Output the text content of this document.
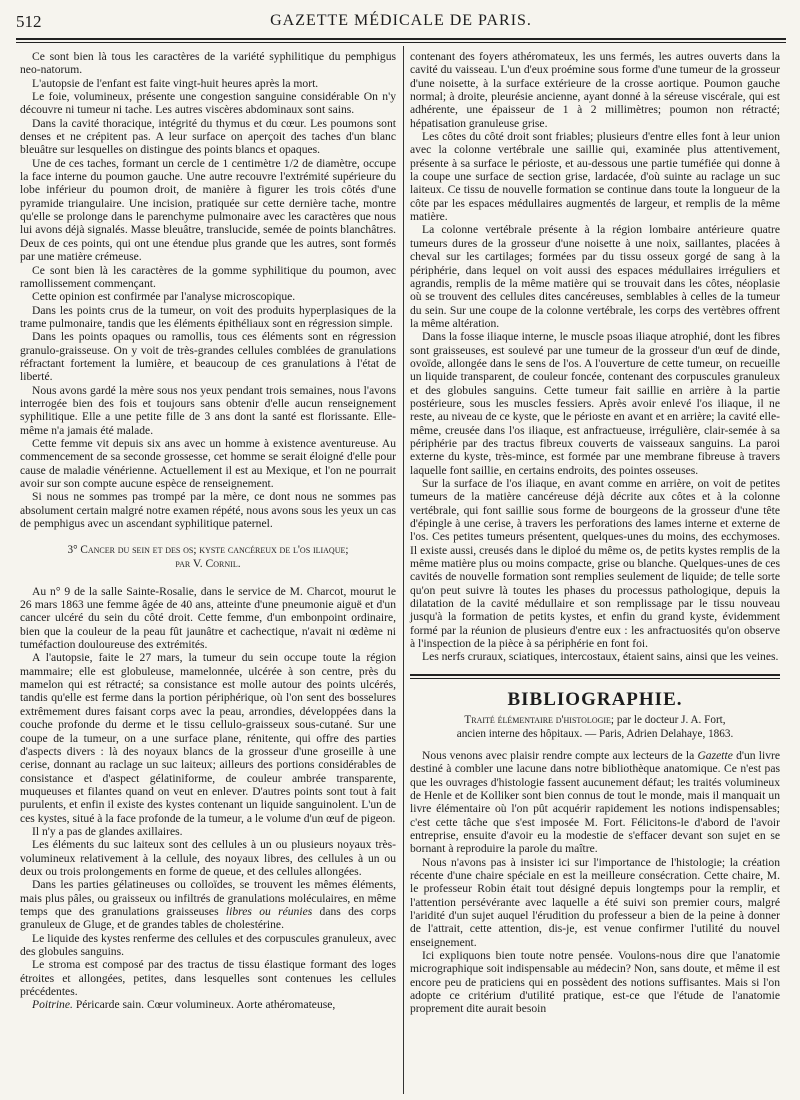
512	GAZETTE MÉDICALE DE PARIS.

Ce sont bien là tous les caractères de la variété syphilitique du pemphigus neo-natorum.

L'autopsie de l'enfant est faite vingt-huit heures après la mort.

Le foie, volumineux, présente une congestion sanguine considérable On n'y découvre ni tumeur ni tache. Les autres viscères abdominaux sont sains.

Dans la cavité thoracique, intégrité du thymus et du cœur. Les poumons sont denses et ne crépitent pas. A leur surface on aperçoit des taches d'un blanc bleuâtre sur lesquelles on distingue des points blancs et opaques.

Une de ces taches, formant un cercle de 1 centimètre 1/2 de diamètre, occupe la face interne du poumon gauche. Une autre recouvre l'extrémité supérieure du lobe inférieur du poumon droit, de manière à figurer les trois côtés d'une pyramide triangulaire. Une incision, pratiquée sur cette dernière tache, montre qu'elle se prolonge dans le parenchyme pulmonaire avec les caractères que nous lui avons déjà signalés. Masse bleuâtre, translucide, semée de points blanchâtres. Deux de ces points, qui ont une étendue plus grande que les autres, sont formés par une matière crémeuse.

Ce sont bien là les caractères de la gomme syphilitique du poumon, avec ramollissement commençant.

Cette opinion est confirmée par l'analyse microscopique.

Dans les points crus de la tumeur, on voit des produits hyperplasiques de la trame pulmonaire, tandis que les éléments épithéliaux sont en régression simple.

Dans les points opaques ou ramollis, tous ces éléments sont en régression granulo-graisseuse. On y voit de très-grandes cellules comblées de granulations réfractant fortement la lumière, et beaucoup de ces granulations à l'état de liberté.

Nous avons gardé la mère sous nos yeux pendant trois semaines, nous l'avons interrogée bien des fois et toujours sans obtenir d'elle aucun renseignement syphilitique. Elle a une petite fille de 3 ans dont la santé est florissante. Elle-même n'a jamais été malade.

Cette femme vit depuis six ans avec un homme à existence aventureuse. Au commencement de sa seconde grossesse, cet homme se serait éloigné d'elle pour cause de maladie vénérienne. Actuellement il est au Mexique, et l'on ne pourrait avoir sur son compte aucune espèce de renseignement.

Si nous ne sommes pas trompé par la mère, ce dont nous ne sommes pas absolument certain malgré notre examen répété, nous avons sous les yeux un cas de pemphigus avec un ascendant syphilitique paternel.

3° Cancer du sein et des os; kyste cancéreux de l'os iliaque;
par V. Cornil.

Au n° 9 de la salle Sainte-Rosalie, dans le service de M. Charcot, mourut le 26 mars 1863 une femme âgée de 40 ans, atteinte d'une pneumonie aiguë et d'un cancer ulcéré du sein du côté droit. Cette femme, d'un embonpoint ordinaire, bien que la couleur de la peau fût jaunâtre et cachectique, n'avait ni œdème ni tuméfaction douloureuse des extrémités.

A l'autopsie, faite le 27 mars, la tumeur du sein occupe toute la région mammaire; elle est globuleuse, mamelonnée, ulcérée à son centre, près du mamelon qui est rétracté; sa consistance est molle autour des points ulcérés, tandis qu'elle est ferme dans la portion périphérique, où l'on sent des bosselures extrêmement dures faisant corps avec la peau, arrondies, développées dans la couche profonde du derme et le tissu cellulo-graisseux sous-cutané. Sur une coupe de la tumeur, on a une surface plane, rénitente, qui offre des parties d'aspects divers : là des noyaux blancs de la grosseur d'une groseille à une cerise, donnant au raclage un suc laiteux; ailleurs des portions considérables de consistance et d'aspect gélatiniforme, de couleur ambrée transparente, muqueuses et filantes quand on veut en enlever. D'autres points sont tout à fait purulents, et enfin il existe des kystes contenant un liquide sanguinolent. L'un de ces kystes, situé à la face profonde de la tumeur, a le volume d'un œuf de pigeon.

Il n'y a pas de glandes axillaires.

Les éléments du suc laiteux sont des cellules à un ou plusieurs noyaux très-volumineux relativement à la cellule, des noyaux libres, des cellules à un ou deux ou trois prolongements en forme de queue, et des cellules allongées.

Dans les parties gélatineuses ou colloïdes, se trouvent les mêmes éléments, mais plus pâles, ou graisseux ou infiltrés de granulations moléculaires, en même temps que des granulations graisseuses libres ou réunies dans des corps granuleux de Gluge, et de grandes tables de cholestérine.

Le liquide des kystes renferme des cellules et des corpuscules granuleux, avec des globules sanguins.

Le stroma est composé par des tractus de tissu élastique formant des loges étroites et allongées, petites, dans lesquelles sont contenues les cellules précédentes.

Poitrine. Péricarde sain. Cœur volumineux. Aorte athéromateuse,

contenant des foyers athéromateux, les uns fermés, les autres ouverts dans la cavité du vaisseau. L'un d'eux proémine sous forme d'une tumeur de la grosseur d'une noisette, à la surface extérieure de la crosse aortique. Poumon gauche normal; à droite, pleurésie ancienne, ayant donné à la séreuse viscérale, qui est adhérente, une épaisseur de 1 à 2 millimètres; poumon non rétracté; hépatisation granuleuse grise.

Les côtes du côté droit sont friables; plusieurs d'entre elles font à leur union avec la colonne vertébrale une saillie qui, examinée plus attentivement, présente à sa surface le périoste, et au-dessous une partie tuméfiée qui donne à la coupe une surface de section grise, lardacée, d'où suinte au raclage un suc laiteux. Ce tissu de nouvelle formation se continue dans toute la longueur de la côte par les espaces médullaires augmentés de largeur, et remplis de la même matière.

La colonne vertébrale présente à la région lombaire antérieure quatre tumeurs dures de la grosseur d'une noisette à une noix, saillantes, placées à cheval sur les cartilages; formées par du tissu osseux gorgé de sang à la périphérie, dans lequel on voit aussi des espaces médullaires irréguliers et agrandis, remplis de la même matière qui se trouvait dans les côtes, néoplasie où se trouvent des cellules dites cancéreuses, semblables à celles de la tumeur du sein. Sur une coupe de la colonne vertébrale, les corps des vertèbres offrent la même altération.

Dans la fosse iliaque interne, le muscle psoas iliaque atrophié, dont les fibres sont graisseuses, est soulevé par une tumeur de la grosseur d'un œuf de dinde, ovoïde, allongée dans le sens de l'os. A l'ouverture de cette tumeur, on recueille un liquide transparent, de couleur foncée, contenant des corpuscules granuleux et des globules sanguins. Cette tumeur fait saillie en arrière à la partie postérieure, sous les muscles fessiers. Après avoir enlevé l'os iliaque, il ne reste, au niveau de ce kyste, que le périoste en avant et en arrière; la cavité elle-même, creusée dans l'os iliaque, est anfractueuse, irrégulière, clair-semée à sa périphérie par des tractus fibreux couverts de vaisseaux sanguins. La paroi externe du kyste, très-mince, est formée par une membrane fibreuse à travers laquelle font saillie, en certains endroits, des pointes osseuses.

Sur la surface de l'os iliaque, en avant comme en arrière, on voit de petites tumeurs de la matière cancéreuse déjà décrite aux côtes et à la colonne vertébrale, qui font saillie sous forme de bourgeons de la grosseur d'une tête d'épingle à une cerise, à travers les perforations des lames interne et externe de l'os. Ces petites tumeurs présentent, quelques-unes du moins, des ecchymoses. Il existe aussi, creusés dans le diploé du même os, de petits kystes remplis de la même matière plus ou moins compacte, grise ou blanche. Quelques-unes de ces cavités de nouvelle formation sont remplies seulement de liquide; de telle sorte qu'on peut suivre là toutes les phases du processus pathologique, depuis la dilatation de la cavité médullaire et son remplissage par le tissu nouveau jusqu'à la formation de petits kystes, et enfin du grand kyste, évidemment formé par la réunion de plusieurs d'entre eux : les anfractuosités qu'on observe à l'inspection de la pièce à sa périphérie en font foi.

Les nerfs cruraux, sciatiques, intercostaux, étaient sains, ainsi que les veines.

BIBLIOGRAPHIE.

Traité élémentaire d'histologie; par le docteur J. A. Fort,
ancien interne des hôpitaux. — Paris, Adrien Delahaye, 1863.

Nous venons avec plaisir rendre compte aux lecteurs de la Gazette d'un livre destiné à combler une lacune dans notre bibliothèque anatomique. Ce n'est pas que les ouvrages d'histologie fassent aucunement défaut; les traités volumineux de Henle et de Kolliker sont bien connus de tout le monde, mais il manquait un livre élémentaire où l'on pût acquérir rapidement les notions indispensables; c'est cette tâche que s'est imposée M. Fort. Félicitons-le d'abord de l'avoir entreprise, ensuite d'avoir eu la modestie de s'effacer devant son sujet en se bornant à reproduire la parole du maître.

Nous n'avons pas à insister ici sur l'importance de l'histologie; la création récente d'une chaire spéciale en est la meilleure consécration. Cette chaire, M. le professeur Robin était tout désigné depuis longtemps pour la remplir, et l'attention persévérante avec laquelle a été suivi son premier cours, malgré l'aridité d'un sujet auquel l'érudition du professeur a bien de la peine à donner de l'attrait, cette attention, dis-je, est venue confirmer l'utilité du nouvel enseignement.

Ici expliquons bien toute notre pensée. Voulons-nous dire que l'anatomie micrographique soit indispensable au médecin? Non, sans doute, et même il est encore peu de praticiens qui en possèdent des notions suffisantes. Mais si l'on adopte ce critérium d'utilité pratique, est-ce que l'étude de l'anatomie proprement dite aurait besoin
